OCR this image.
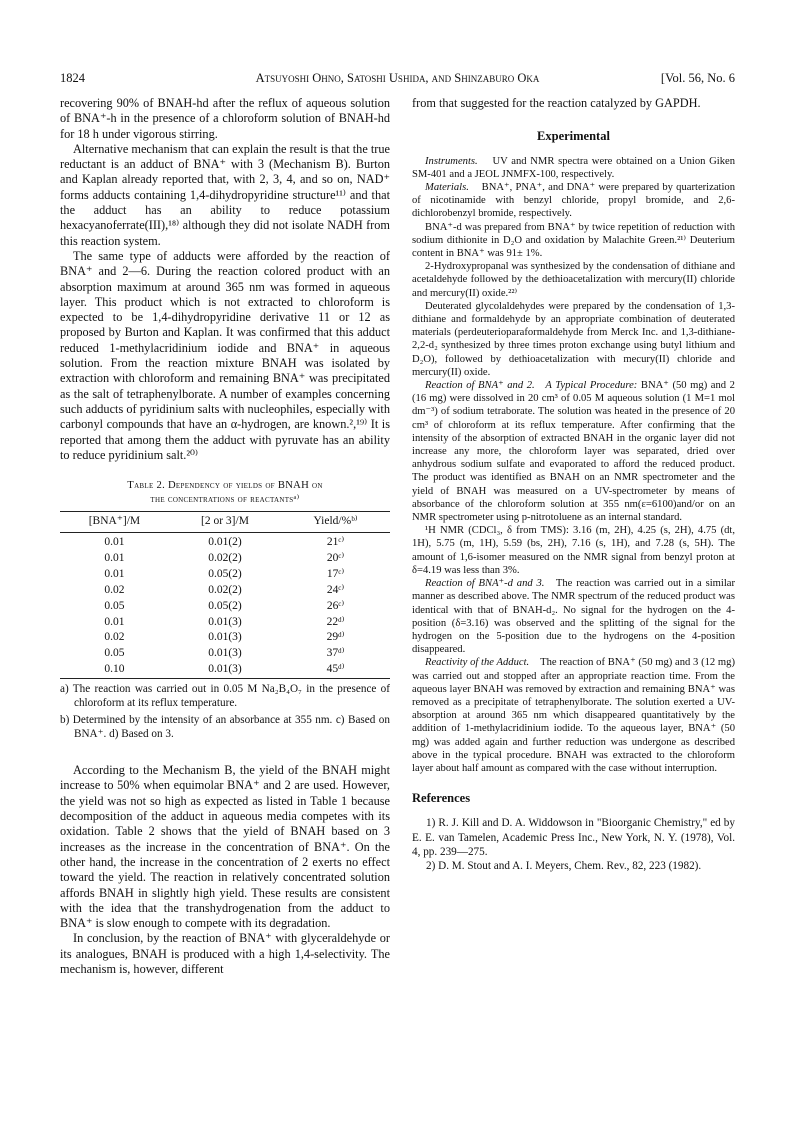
1824	Atsuyoshi Ohno, Satoshi Ushida, and Shinzaburo Oka	[Vol. 56, No. 6

recovering 90% of BNAH-hd after the reflux of aqueous solution of BNA⁺-h in the presence of a chloroform solution of BNAH-hd for 18 h under vigorous stirring.

Alternative mechanism that can explain the result is that the true reductant is an adduct of BNA⁺ with 3 (Mechanism B). Burton and Kaplan already reported that, with 2, 3, 4, and so on, NAD⁺ forms adducts containing 1,4-dihydropyridine structure¹¹⁾ and that the adduct has an ability to reduce potassium hexacyanoferrate(III),¹⁸⁾ although they did not isolate NADH from this reaction system.

The same type of adducts were afforded by the reaction of BNA⁺ and 2—6. During the reaction colored product with an absorption maximum at around 365 nm was formed in aqueous layer. This product which is not extracted to chloroform is expected to be 1,4-dihydropyridine derivative 11 or 12 as proposed by Burton and Kaplan. It was confirmed that this adduct reduced 1-methylacridinium iodide and BNA⁺ in aqueous solution. From the reaction mixture BNAH was isolated by extraction with chloroform and remaining BNA⁺ was precipitated as the salt of tetraphenylborate. A number of examples concerning such adducts of pyridinium salts with nucleophiles, especially with carbonyl compounds that have an α-hydrogen, are known.²,¹⁹⁾ It is reported that among them the adduct with pyruvate has an ability to reduce pyridinium salt.²⁰⁾

Table 2. Dependency of yields of BNAH on
the concentrations of reactantsᵃ⁾
[BNA⁺]/M	[2 or 3]/M	Yield/%ᵇ⁾
0.01	0.01(2)	21ᶜ⁾
0.01	0.02(2)	20ᶜ⁾
0.01	0.05(2)	17ᶜ⁾
0.02	0.02(2)	24ᶜ⁾
0.05	0.05(2)	26ᶜ⁾
0.01	0.01(3)	22ᵈ⁾
0.02	0.01(3)	29ᵈ⁾
0.05	0.01(3)	37ᵈ⁾
0.10	0.01(3)	45ᵈ⁾

a) The reaction was carried out in 0.05 M Na₂B₄O₇ in the presence of chloroform at its reflux temperature.

b) Determined by the intensity of an absorbance at 355 nm. c) Based on BNA⁺. d) Based on 3.

According to the Mechanism B, the yield of the BNAH might increase to 50% when equimolar BNA⁺ and 2 are used. However, the yield was not so high as expected as listed in Table 1 because decomposition of the adduct in aqueous media competes with its oxidation. Table 2 shows that the yield of BNAH based on 3 increases as the increase in the concentration of BNA⁺. On the other hand, the increase in the concentration of 2 exerts no effect toward the yield. The reaction in relatively concentrated solution affords BNAH in slightly high yield. These results are consistent with the idea that the transhydrogenation from the adduct to BNA⁺ is slow enough to compete with its degradation.

In conclusion, by the reaction of BNA⁺ with glyceraldehyde or its analogues, BNAH is produced with a high 1,4-selectivity. The mechanism is, however, different

from that suggested for the reaction catalyzed by GAPDH.

Experimental

Instruments. UV and NMR spectra were obtained on a Union Giken SM-401 and a JEOL JNMFX-100, respectively.

Materials. BNA⁺, PNA⁺, and DNA⁺ were prepared by quarterization of nicotinamide with benzyl chloride, propyl bromide, and 2,6-dichlorobenzyl bromide, respectively.

BNA⁺-d was prepared from BNA⁺ by twice repetition of reduction with sodium dithionite in D₂O and oxidation by Malachite Green.²¹⁾ Deuterium content in BNA⁺ was 91± 1%.

2-Hydroxypropanal was synthesized by the condensation of dithiane and acetaldehyde followed by the dethioacetalization with mercury(II) chloride and mercury(II) oxide.²²⁾

Deuterated glycolaldehydes were prepared by the condensation of 1,3-dithiane and formaldehyde by an appropriate combination of deuterated materials (perdeuterioparaformaldehyde from Merck Inc. and 1,3-dithiane-2,2-d₂ synthesized by three times proton exchange using butyl lithium and D₂O), followed by dethioacetalization with mecury(II) chloride and mercury(II) oxide.

Reaction of BNA⁺ and 2. A Typical Procedure: BNA⁺ (50 mg) and 2 (16 mg) were dissolved in 20 cm³ of 0.05 M aqueous solution (1 M=1 mol dm⁻³) of sodium tetraborate. The solution was heated in the presence of 20 cm³ of chloroform at its reflux temperature. After confirming that the intensity of the absorption of extracted BNAH in the organic layer did not increase any more, the chloroform layer was separated, dried over anhydrous sodium sulfate and evaporated to afford the reduced product. The product was identified as BNAH on an NMR spectrometer and the yield of BNAH was measured on a UV-spectrometer by means of absorbance of the chloroform solution at 355 nm(ε=6100)and/or on an NMR spectrometer using p-nitrotoluene as an internal standard.

¹H NMR (CDCl₃, δ from TMS): 3.16 (m, 2H), 4.25 (s, 2H), 4.75 (dt, 1H), 5.75 (m, 1H), 5.59 (bs, 2H), 7.16 (s, 1H), and 7.28 (s, 5H). The amount of 1,6-isomer measured on the NMR signal from benzyl proton at δ=4.19 was less than 3%.

Reaction of BNA⁺-d and 3. The reaction was carried out in a similar manner as described above. The NMR spectrum of the reduced product was identical with that of BNAH-d₂. No signal for the hydrogen on the 4-position (δ=3.16) was observed and the splitting of the signal for the hydrogen on the 5-position due to the hydrogens on the 4-position disappeared.

Reactivity of the Adduct. The reaction of BNA⁺ (50 mg) and 3 (12 mg) was carried out and stopped after an appropriate reaction time. From the aqueous layer BNAH was removed by extraction and remaining BNA⁺ was removed as a precipitate of tetraphenylborate. The solution exerted a UV-absorption at around 365 nm which disappeared quantitatively by the addition of 1-methylacridinium iodide. To the aqueous layer, BNA⁺ (50 mg) was added again and further reduction was undergone as described above in the typical procedure. BNAH was extracted to the chloroform layer about half amount as compared with the case without interruption.

References

1) R. J. Kill and D. A. Widdowson in "Bioorganic Chemistry," ed by E. E. van Tamelen, Academic Press Inc., New York, N. Y. (1978), Vol. 4, pp. 239—275.

2) D. M. Stout and A. I. Meyers, Chem. Rev., 82, 223 (1982).
